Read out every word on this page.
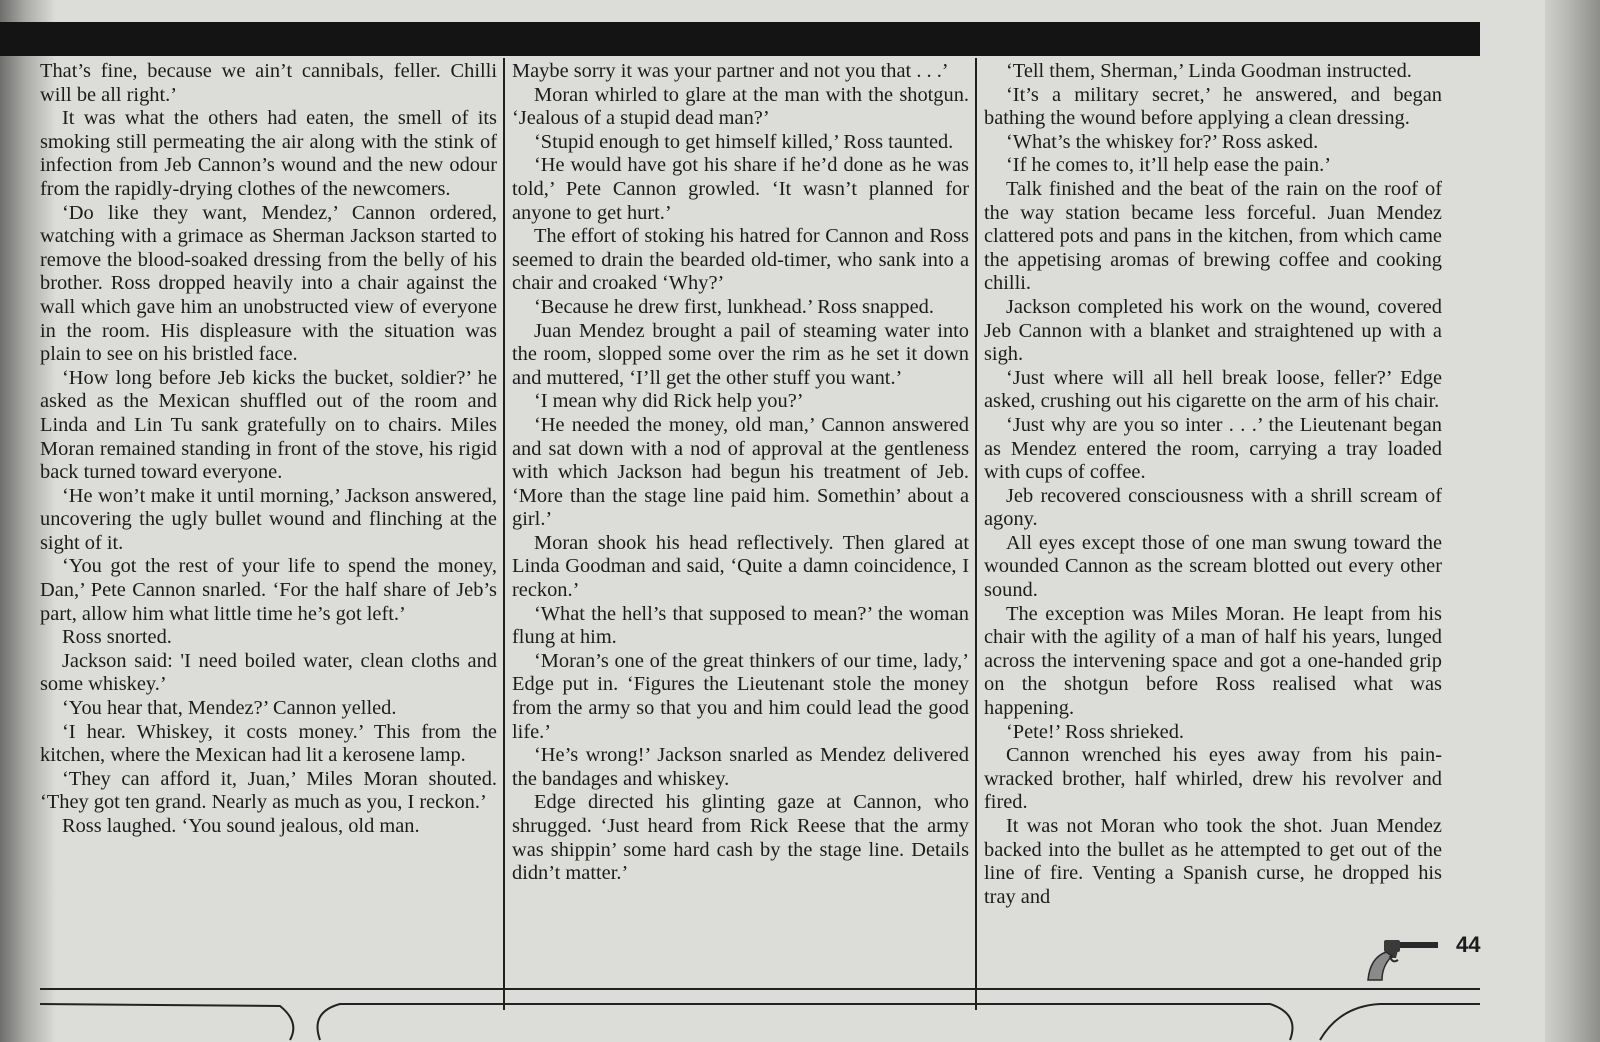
That’s fine, because we ain’t cannibals, feller. Chilli will be all right.’

It was what the others had eaten, the smell of its smoking still permeating the air along with the stink of infection from Jeb Cannon’s wound and the new odour from the rapidly-drying clothes of the newcomers.

‘Do like they want, Mendez,’ Cannon ordered, watching with a grimace as Sherman Jackson started to remove the blood-soaked dressing from the belly of his brother. Ross dropped heavily into a chair against the wall which gave him an unobstructed view of everyone in the room. His displeasure with the situation was plain to see on his bristled face.

‘How long before Jeb kicks the bucket, soldier?’ he asked as the Mexican shuffled out of the room and Linda and Lin Tu sank gratefully on to chairs. Miles Moran remained standing in front of the stove, his rigid back turned toward everyone.

‘He won’t make it until morning,’ Jackson answered, uncovering the ugly bullet wound and flinching at the sight of it.

‘You got the rest of your life to spend the money, Dan,’ Pete Cannon snarled. ‘For the half share of Jeb’s part, allow him what little time he’s got left.’

Ross snorted.

Jackson said: 'I need boiled water, clean cloths and some whiskey.’

‘You hear that, Mendez?’ Cannon yelled.

‘I hear. Whiskey, it costs money.’ This from the kitchen, where the Mexican had lit a kerosene lamp.

‘They can afford it, Juan,’ Miles Moran shouted. ‘They got ten grand. Nearly as much as you, I reckon.’

Ross laughed. ‘You sound jealous, old man.

Maybe sorry it was your partner and not you that . . .’

Moran whirled to glare at the man with the shotgun. ‘Jealous of a stupid dead man?’

‘Stupid enough to get himself killed,’ Ross taunted.

‘He would have got his share if he’d done as he was told,’ Pete Cannon growled. ‘It wasn’t planned for anyone to get hurt.’

The effort of stoking his hatred for Cannon and Ross seemed to drain the bearded old-timer, who sank into a chair and croaked ‘Why?’

‘Because he drew first, lunkhead.’ Ross snapped.

Juan Mendez brought a pail of steaming water into the room, slopped some over the rim as he set it down and muttered, ‘I’ll get the other stuff you want.’

‘I mean why did Rick help you?’

‘He needed the money, old man,’ Cannon answered and sat down with a nod of approval at the gentleness with which Jackson had begun his treatment of Jeb. ‘More than the stage line paid him. Somethin’ about a girl.’

Moran shook his head reflectively. Then glared at Linda Goodman and said, ‘Quite a damn coincidence, I reckon.’

‘What the hell’s that supposed to mean?’ the woman flung at him.

‘Moran’s one of the great thinkers of our time, lady,’ Edge put in. ‘Figures the Lieutenant stole the money from the army so that you and him could lead the good life.’

‘He’s wrong!’ Jackson snarled as Mendez delivered the bandages and whiskey.

Edge directed his glinting gaze at Cannon, who shrugged. ‘Just heard from Rick Reese that the army was shippin’ some hard cash by the stage line. Details didn’t matter.’

‘Tell them, Sherman,’ Linda Goodman instructed.

‘It’s a military secret,’ he answered, and began bathing the wound before applying a clean dressing.

‘What’s the whiskey for?’ Ross asked.

‘If he comes to, it’ll help ease the pain.’

Talk finished and the beat of the rain on the roof of the way station became less forceful. Juan Mendez clattered pots and pans in the kitchen, from which came the appetising aromas of brewing coffee and cooking chilli.

Jackson completed his work on the wound, covered Jeb Cannon with a blanket and straightened up with a sigh.

‘Just where will all hell break loose, feller?’ Edge asked, crushing out his cigarette on the arm of his chair.

‘Just why are you so inter . . .’ the Lieutenant began as Mendez entered the room, carrying a tray loaded with cups of coffee.

Jeb recovered consciousness with a shrill scream of agony.

All eyes except those of one man swung toward the wounded Cannon as the scream blotted out every other sound.

The exception was Miles Moran. He leapt from his chair with the agility of a man of half his years, lunged across the intervening space and got a one-handed grip on the shotgun before Ross realised what was happening.

‘Pete!’ Ross shrieked.

Cannon wrenched his eyes away from his pain-wracked brother, half whirled, drew his revolver and fired.

It was not Moran who took the shot. Juan Mendez backed into the bullet as he attempted to get out of the line of fire. Venting a Spanish curse, he dropped his tray and

44
